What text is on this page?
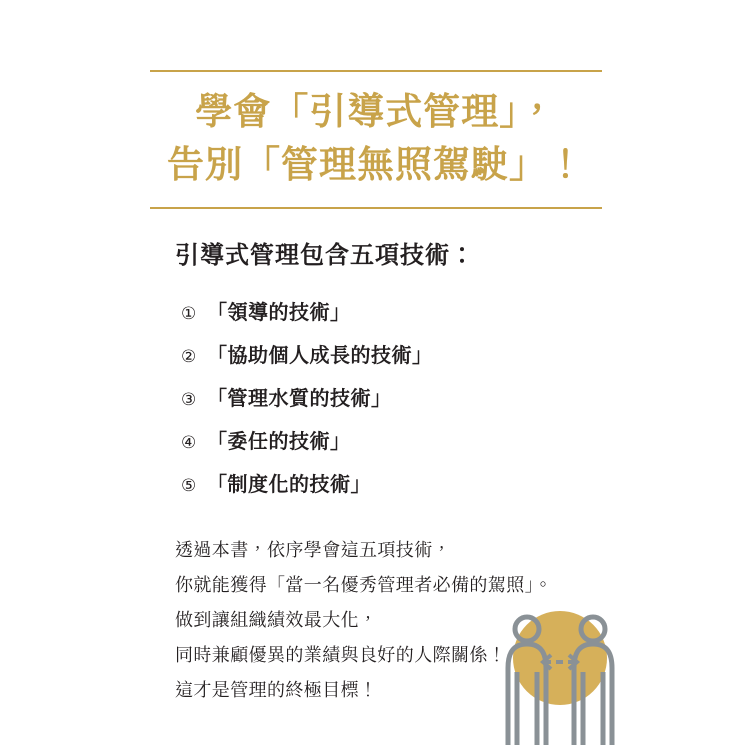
學會「引導式管理」，
告別「管理無照駕駛」！
引導式管理包含五項技術：
① 「領導的技術」
② 「協助個人成長的技術」
③ 「管理水質的技術」
④ 「委任的技術」
⑤ 「制度化的技術」
透過本書，依序學會這五項技術，
你就能獲得「當一名優秀管理者必備的駕照」。
做到讓組織績效最大化，
同時兼顧優異的業績與良好的人際關係！
這才是管理的終極目標！
